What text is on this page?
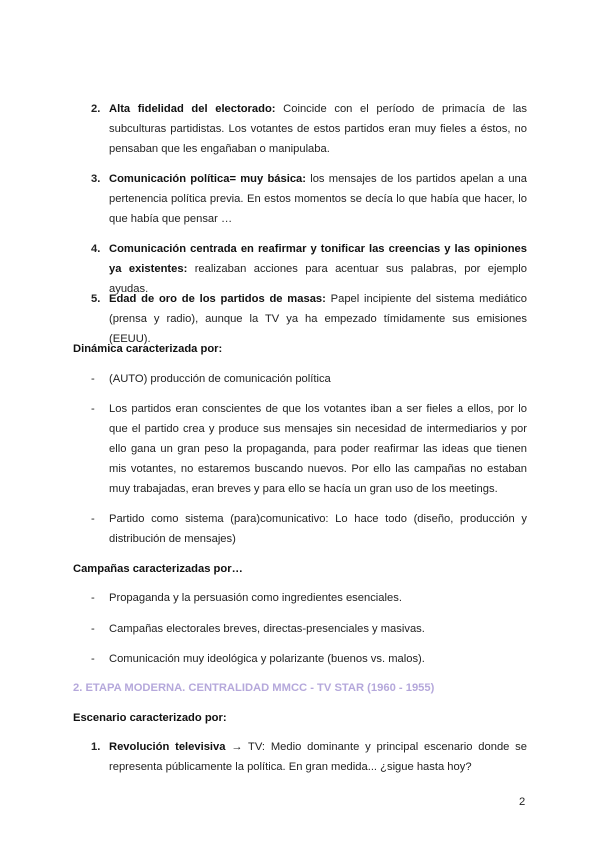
2. Alta fidelidad del electorado: Coincide con el período de primacía de las subculturas partidistas. Los votantes de estos partidos eran muy fieles a éstos, no pensaban que les engañaban o manipulaba.
3. Comunicación política= muy básica: los mensajes de los partidos apelan a una pertenencia política previa. En estos momentos se decía lo que había que hacer, lo que había que pensar …
4. Comunicación centrada en reafirmar y tonificar las creencias y las opiniones ya existentes: realizaban acciones para acentuar sus palabras, por ejemplo ayudas.
5. Edad de oro de los partidos de masas: Papel incipiente del sistema mediático (prensa y radio), aunque la TV ya ha empezado tímidamente sus emisiones (EEUU).
Dinámica caracterizada por:
- (AUTO) producción de comunicación política
- Los partidos eran conscientes de que los votantes iban a ser fieles a ellos, por lo que el partido crea y produce sus mensajes sin necesidad de intermediarios y por ello gana un gran peso la propaganda, para poder reafirmar las ideas que tienen mis votantes, no estaremos buscando nuevos. Por ello las campañas no estaban muy trabajadas, eran breves y para ello se hacía un gran uso de los meetings.
- Partido como sistema (para)comunicativo: Lo hace todo (diseño, producción y distribución de mensajes)
Campañas caracterizadas por…
- Propaganda y la persuasión como ingredientes esenciales.
- Campañas electorales breves, directas-presenciales y masivas.
- Comunicación muy ideológica y polarizante (buenos vs. malos).
2. ETAPA MODERNA. CENTRALIDAD MMCC - TV STAR (1960 - 1955)
Escenario caracterizado por:
1. Revolución televisiva → TV: Medio dominante y principal escenario donde se representa públicamente la política. En gran medida... ¿sigue hasta hoy?
2
